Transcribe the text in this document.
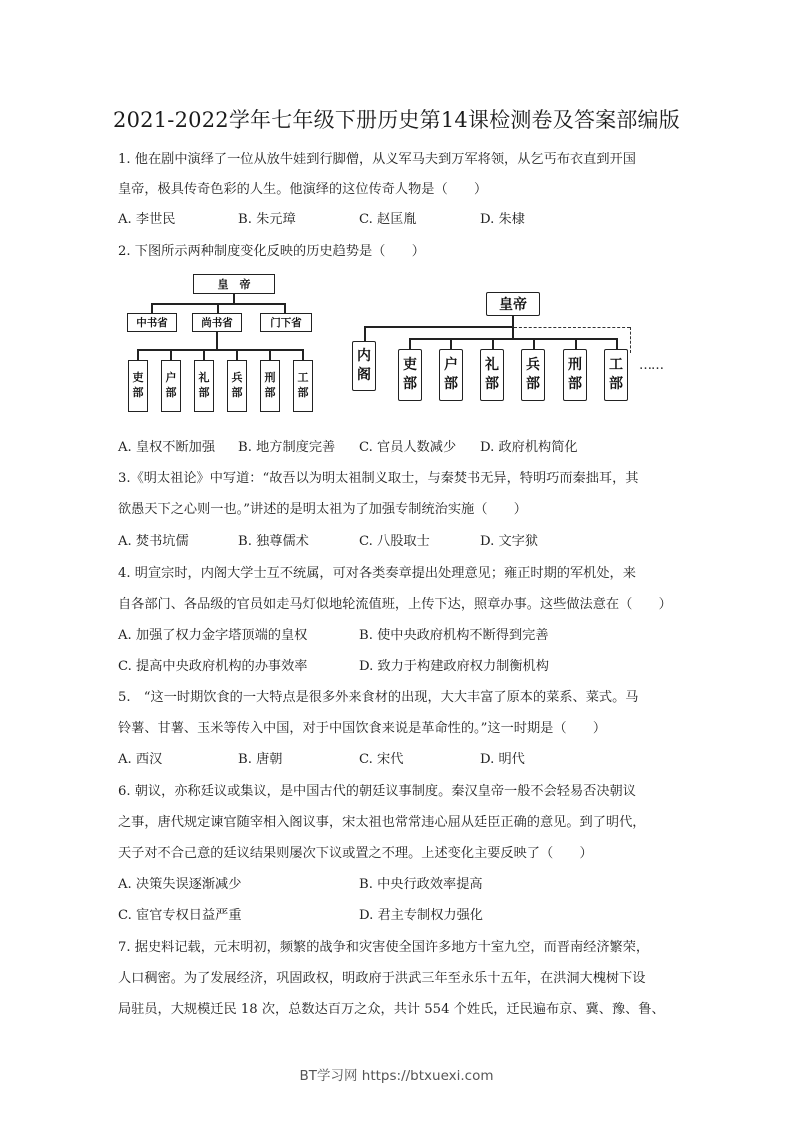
2021-2022学年七年级下册历史第14课检测卷及答案部编版
1. 他在剧中演绎了一位从放牛娃到行脚僧，从义军马夫到万军将领，从乞丐布衣直到开国
皇帝，极具传奇色彩的人生。他演绎的这位传奇人物是（　　）
A. 李世民	B. 朱元璋	C. 赵匡胤	D. 朱棣
2. 下图所示两种制度变化反映的历史趋势是（　　）
皇　帝
中书省	尚书省	门下省
吏
部
户
部
礼
部
兵
部
刑
部
工
部
皇帝
内
阁
吏
部
户
部
礼
部
兵
部
刑
部
工
部
……
A. 皇权不断加强 B. 地方制度完善 C. 官员人数减少 D. 政府机构简化
3.《明太祖论》中写道：“故吾以为明太祖制义取士，与秦焚书无异，特明巧而秦拙耳，其
欲愚天下之心则一也。”讲述的是明太祖为了加强专制统治实施（　　）
A. 焚书坑儒	B. 独尊儒术	C. 八股取士	D. 文字狱
4. 明宣宗时，内阁大学士互不统属，可对各类奏章提出处理意见；雍正时期的军机处，来
自各部门、各品级的官员如走马灯似地轮流值班，上传下达，照章办事。这些做法意在（　　）
A. 加强了权力金字塔顶端的皇权	B. 使中央政府机构不断得到完善
C. 提高中央政府机构的办事效率	D. 致力于构建政府权力制衡机构
5.　“这一时期饮食的一大特点是很多外来食材的出现，大大丰富了原本的菜系、菜式。马
铃薯、甘薯、玉米等传入中国，对于中国饮食来说是革命性的。”这一时期是（　　）
A. 西汉	B. 唐朝	C. 宋代	D. 明代
6. 朝议，亦称廷议或集议，是中国古代的朝廷议事制度。秦汉皇帝一般不会轻易否决朝议
之事，唐代规定谏官随宰相入阁议事，宋太祖也常常违心屈从廷臣正确的意见。到了明代，
天子对不合己意的廷议结果则屡次下议或置之不理。上述变化主要反映了（　　）
A. 决策失误逐渐减少	B. 中央行政效率提高
C. 宦官专权日益严重	D. 君主专制权力强化
7. 据史料记载，元末明初，频繁的战争和灾害使全国许多地方十室九空，而晋南经济繁荣，
人口稠密。为了发展经济，巩固政权，明政府于洪武三年至永乐十五年，在洪洞大槐树下设
局驻员，大规模迁民 18 次，总数达百万之众，共计 554 个姓氏，迁民遍布京、冀、豫、鲁、
BT学习网 https://btxuexi.com
